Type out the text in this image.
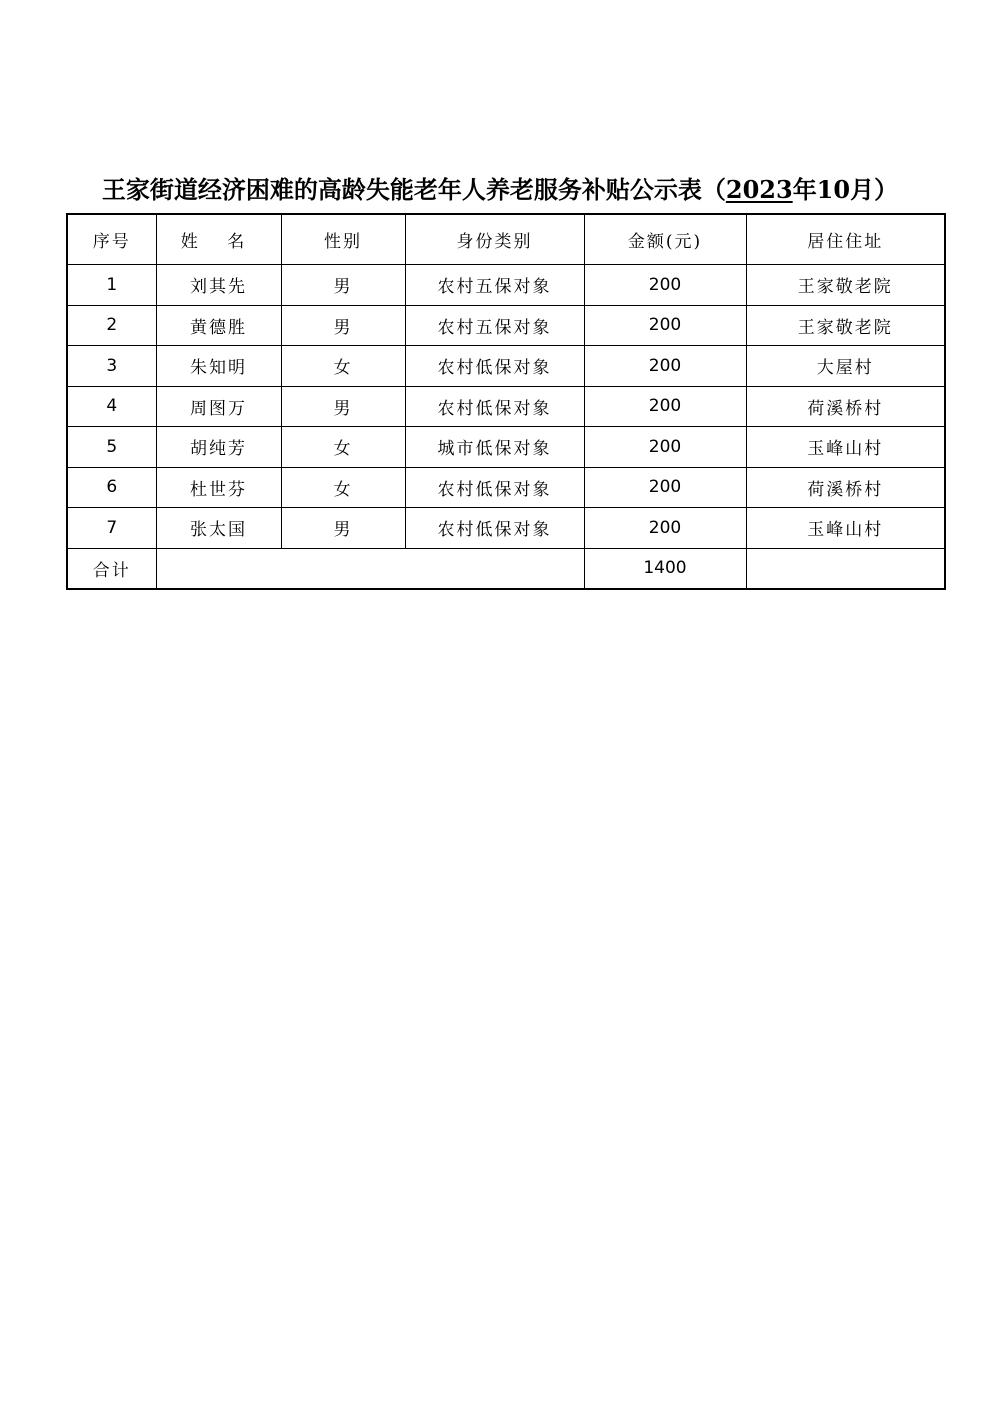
王家街道经济困难的高龄失能老年人养老服务补贴公示表（2023年10月）
序号	姓 名	性别	身份类别	金额(元)	居住住址
1	刘其先	男	农村五保对象	200	王家敬老院
2	黄德胜	男	农村五保对象	200	王家敬老院
3	朱知明	女	农村低保对象	200	大屋村
4	周图万	男	农村低保对象	200	荷溪桥村
5	胡纯芳	女	城市低保对象	200	玉峰山村
6	杜世芬	女	农村低保对象	200	荷溪桥村
7	张太国	男	农村低保对象	200	玉峰山村
合计				1400	
